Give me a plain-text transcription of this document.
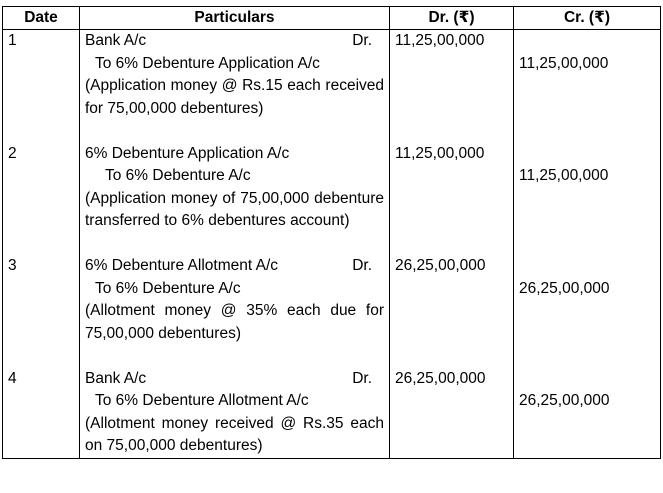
Date	Particulars	Dr. (₹)	Cr. (₹)
1	Bank A/c Dr.
To 6% Debenture Application A/c
(Application money @ Rs.15 each received for 75,00,000 debentures)	11,25,00,000	11,25,00,000
2	6% Debenture Application A/c
To 6% Debenture A/c
(Application money of 75,00,000 debenture transferred to 6% debentures account)	11,25,00,000	11,25,00,000
3	6% Debenture Allotment A/c Dr.
To 6% Debenture A/c
(Allotment money @ 35% each due for 75,00,000 debentures)	26,25,00,000	26,25,00,000
4	Bank A/c Dr.
To 6% Debenture Allotment A/c
(Allotment money received @ Rs.35 each on 75,00,000 debentures)	26,25,00,000	26,25,00,000
